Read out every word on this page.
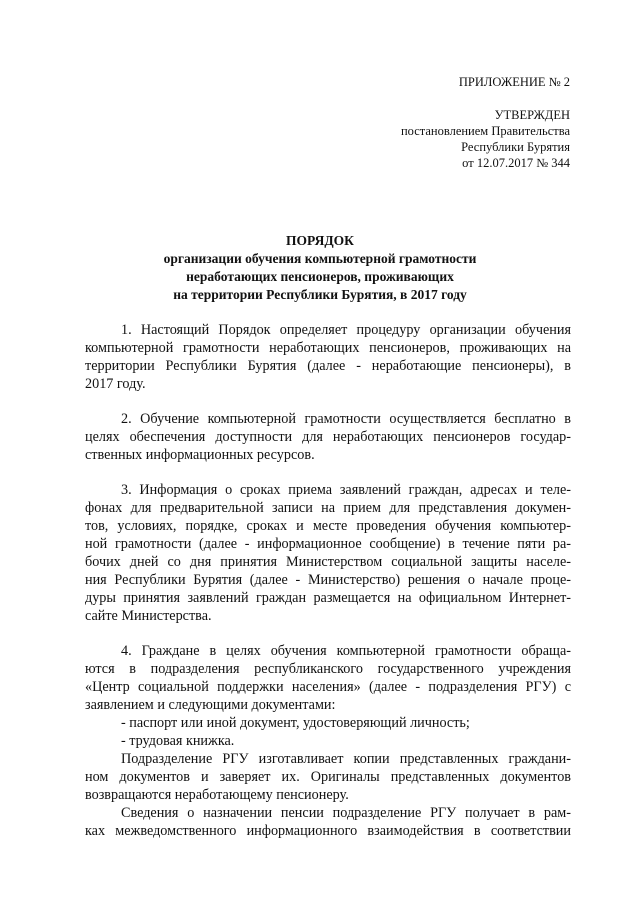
ПРИЛОЖЕНИЕ № 2
УТВЕРЖДЕН
постановлением Правительства
Республики Бурятия
от 12.07.2017 № 344
ПОРЯДОК
организации обучения компьютерной грамотности
неработающих пенсионеров, проживающих
на территории Республики Бурятия, в 2017 году
1. Настоящий Порядок определяет процедуру организации обучения
компьютерной грамотности неработающих пенсионеров, проживающих на
территории Республики Бурятия (далее - неработающие пенсионеры), в
2017 году.
2. Обучение компьютерной грамотности осуществляется бесплатно в
целях обеспечения доступности для неработающих пенсионеров государ-
ственных информационных ресурсов.
3. Информация о сроках приема заявлений граждан, адресах и теле-
фонах для предварительной записи на прием для представления докумен-
тов, условиях, порядке, сроках и месте проведения обучения компьютер-
ной грамотности (далее - информационное сообщение) в течение пяти ра-
бочих дней со дня принятия Министерством социальной защиты населе-
ния Республики Бурятия (далее - Министерство) решения о начале проце-
дуры принятия заявлений граждан размещается на официальном Интернет-
сайте Министерства.
4. Граждане в целях обучения компьютерной грамотности обраща-
ются в подразделения республиканского государственного учреждения
«Центр социальной поддержки населения» (далее - подразделения РГУ) с
заявлением и следующими документами:
- паспорт или иной документ, удостоверяющий личность;
- трудовая книжка.
Подразделение РГУ изготавливает копии представленных граждани-
ном документов и заверяет их. Оригиналы представленных документов
возвращаются неработающему пенсионеру.
Сведения о назначении пенсии подразделение РГУ получает в рам-
ках межведомственного информационного взаимодействия в соответствии
